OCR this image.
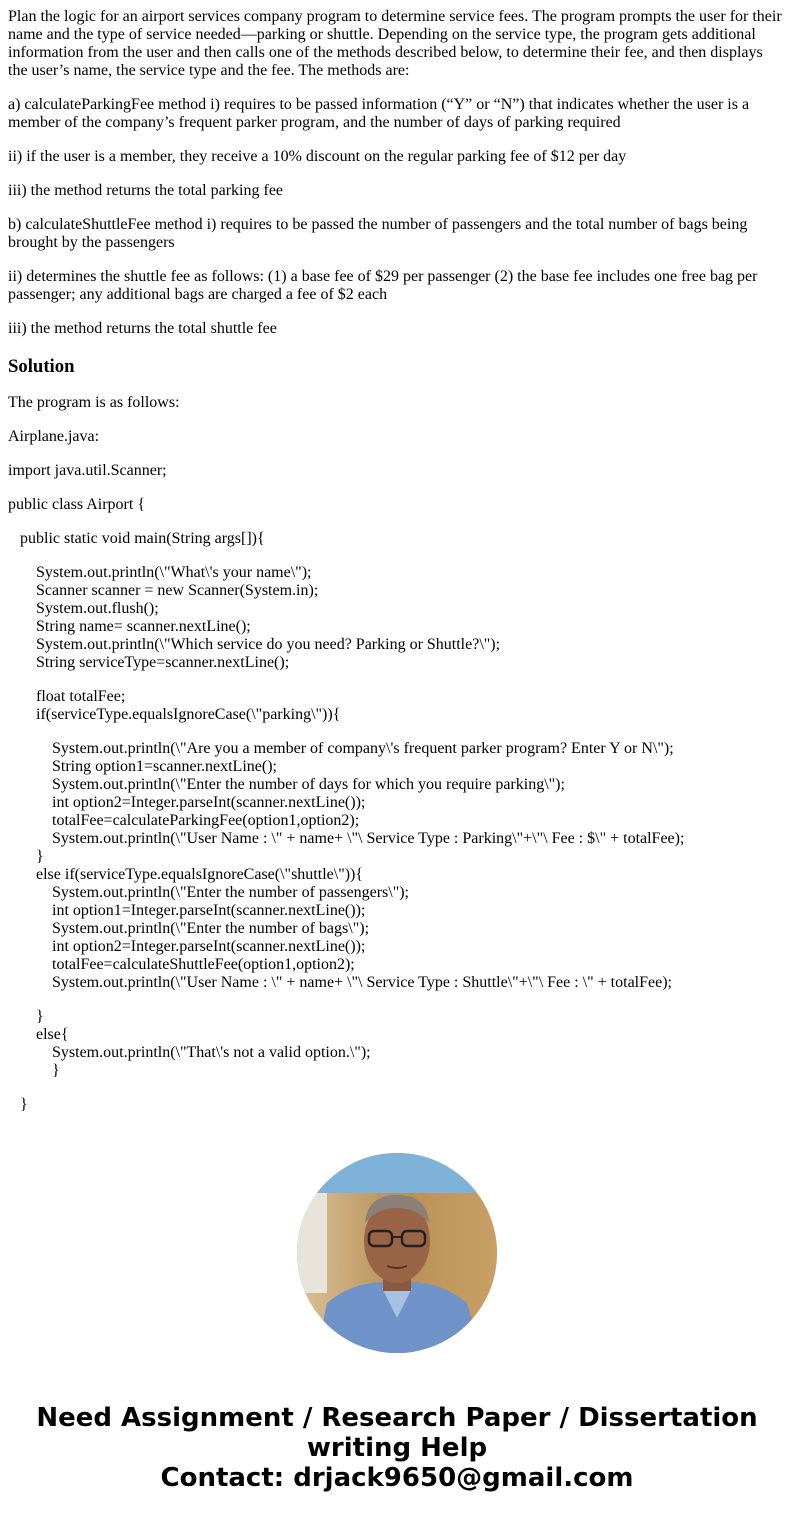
Plan the logic for an airport services company program to determine service fees. The program prompts the user for their name and the type of service needed—parking or shuttle. Depending on the service type, the program gets additional information from the user and then calls one of the methods described below, to determine their fee, and then displays the user’s name, the service type and the fee. The methods are:

a) calculateParkingFee method i) requires to be passed information (“Y” or “N”) that indicates whether the user is a member of the company’s frequent parker program, and the number of days of parking required

ii) if the user is a member, they receive a 10% discount on the regular parking fee of $12 per day

iii) the method returns the total parking fee

b) calculateShuttleFee method i) requires to be passed the number of passengers and the total number of bags being brought by the passengers

ii) determines the shuttle fee as follows: (1) a base fee of $29 per passenger (2) the base fee includes one free bag per passenger; any additional bags are charged a fee of $2 each

iii) the method returns the total shuttle fee

Solution

The program is as follows:

Airplane.java:

import java.util.Scanner;

public class Airport {

public static void main(String args[]){
System.out.println(\"What\'s your name\");
Scanner scanner = new Scanner(System.in);
System.out.flush();
String name= scanner.nextLine();
System.out.println(\"Which service do you need? Parking or Shuttle?\");
String serviceType=scanner.nextLine();
float totalFee;
if(serviceType.equalsIgnoreCase(\"parking\")){
System.out.println(\"Are you a member of company\'s frequent parker program? Enter Y or N\");
String option1=scanner.nextLine();
System.out.println(\"Enter the number of days for which you require parking\");
int option2=Integer.parseInt(scanner.nextLine());
totalFee=calculateParkingFee(option1,option2);
System.out.println(\"User Name : \" + name+ \"\ Service Type : Parking\"+\"\ Fee : $\" + totalFee);
}
else if(serviceType.equalsIgnoreCase(\"shuttle\")){
System.out.println(\"Enter the number of passengers\");
int option1=Integer.parseInt(scanner.nextLine());
System.out.println(\"Enter the number of bags\");
int option2=Integer.parseInt(scanner.nextLine());
totalFee=calculateShuttleFee(option1,option2);
System.out.println(\"User Name : \" + name+ \"\ Service Type : Shuttle\"+\"\ Fee : \" + totalFee);
}
else{
System.out.println(\"That\'s not a valid option.\");
}
}
Need Assignment / Research Paper / Dissertation
writing Help
Contact: drjack9650@gmail.com
